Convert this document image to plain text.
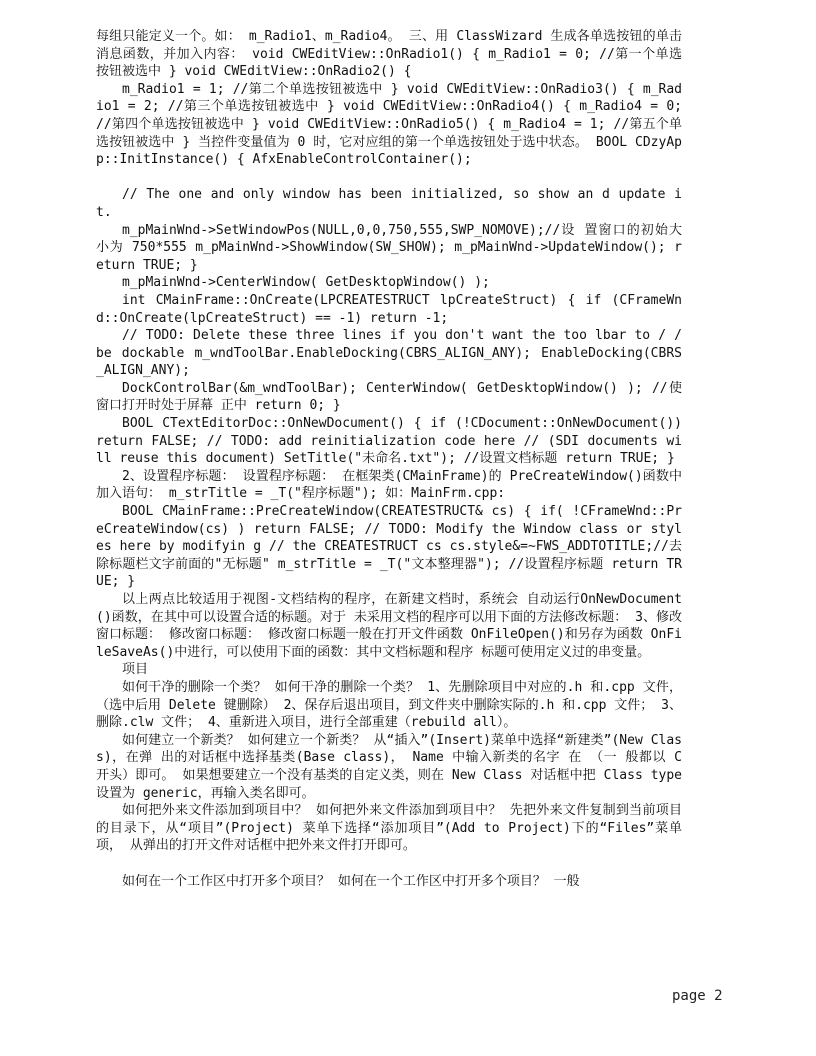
每组只能定义一个。如： m_Radio1、m_Radio4。 三、用 ClassWizard 生成各单选按钮的单击消息函数，并加入内容： void CWEditView::OnRadio1() { m_Radio1 = 0; //第一个单选按钮被选中 } void CWEditView::OnRadio2() {

m_Radio1 = 1; //第二个单选按钮被选中 } void CWEditView::OnRadio3() { m_Radio1 = 2; //第三个单选按钮被选中 } void CWEditView::OnRadio4() { m_Radio4 = 0; //第四个单选按钮被选中 } void CWEditView::OnRadio5() { m_Radio4 = 1; //第五个单选按钮被选中 } 当控件变量值为 0 时，它对应组的第一个单选按钮处于选中状态。 BOOL CDzyApp::InitInstance() { AfxEnableControlContainer();

// The one and only window has been initialized, so show an d update it.

m_pMainWnd->SetWindowPos(NULL,0,0,750,555,SWP_NOMOVE);//设 置窗口的初始大小为 750*555 m_pMainWnd->ShowWindow(SW_SHOW); m_pMainWnd->UpdateWindow(); return TRUE; }

m_pMainWnd->CenterWindow( GetDesktopWindow() );

int CMainFrame::OnCreate(LPCREATESTRUCT lpCreateStruct) { if (CFrameWnd::OnCreate(lpCreateStruct) == -1) return -1;

// TODO: Delete these three lines if you don't want the too lbar to / / be dockable m_wndToolBar.EnableDocking(CBRS_ALIGN_ANY); EnableDocking(CBRS_ALIGN_ANY);

DockControlBar(&m_wndToolBar); CenterWindow( GetDesktopWindow() ); //使窗口打开时处于屏幕 正中 return 0; }

BOOL CTextEditorDoc::OnNewDocument() { if (!CDocument::OnNewDocument()) return FALSE; // TODO: add reinitialization code here // (SDI documents will reuse this document) SetTitle("未命名.txt"); //设置文档标题 return TRUE; }

2、设置程序标题： 设置程序标题： 在框架类(CMainFrame)的 PreCreateWindow()函数中加入语句： m_strTitle = _T("程序标题"); 如：MainFrm.cpp:

BOOL CMainFrame::PreCreateWindow(CREATESTRUCT& cs) { if( !CFrameWnd::PreCreateWindow(cs) ) return FALSE; // TODO: Modify the Window class or styles here by modifyin g // the CREATESTRUCT cs cs.style&=~FWS_ADDTOTITLE;//去除标题栏文字前面的"无标题" m_strTitle = _T("文本整理器"); //设置程序标题 return TRUE; }

以上两点比较适用于视图-文档结构的程序，在新建文档时，系统会 自动运行OnNewDocument()函数，在其中可以设置合适的标题。对于 未采用文档的程序可以用下面的方法修改标题： 3、修改窗口标题： 修改窗口标题： 修改窗口标题一般在打开文件函数 OnFileOpen()和另存为函数 OnFileSaveAs()中进行，可以使用下面的函数：其中文档标题和程序 标题可使用定义过的串变量。

项目

如何干净的删除一个类？ 如何干净的删除一个类？ 1、先删除项目中对应的.h 和.cpp 文件， （选中后用 Delete 键删除） 2、保存后退出项目，到文件夹中删除实际的.h 和.cpp 文件； 3、删除.clw 文件； 4、重新进入项目，进行全部重建（rebuild all）。

如何建立一个新类？ 如何建立一个新类？ 从“插入”(Insert)菜单中选择“新建类”(New Class)，在弹 出的对话框中选择基类(Base class)， Name 中输入新类的名字 在 （一 般都以 C 开头）即可。 如果想要建立一个没有基类的自定义类，则在 New Class 对话框中把 Class type 设置为 generic，再输入类名即可。

如何把外来文件添加到项目中？ 如何把外来文件添加到项目中？ 先把外来文件复制到当前项目的目录下，从“项目”(Project) 菜单下选择“添加项目”(Add to Project)下的“Files”菜单项， 从弹出的打开文件对话框中把外来文件打开即可。

如何在一个工作区中打开多个项目？ 如何在一个工作区中打开多个项目？ 一般

page 2
